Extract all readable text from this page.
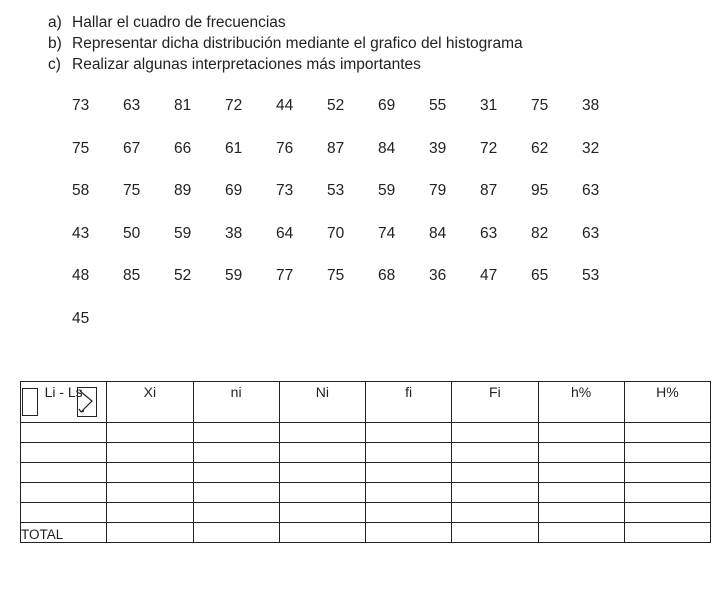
a) Hallar el cuadro de frecuencias
b) Representar dicha distribución mediante el grafico del histograma
c) Realizar algunas interpretaciones más importantes
73	63	81	72	44	52	69	55	31	75	38
75	67	66	61	76	87	84	39	72	62	32
58	75	89	69	73	53	59	79	87	95	63
43	50	59	38	64	70	74	84	63	82	63
48	85	52	59	77	75	68	36	47	65	53
45
Li - Ls	Xi	ni	Ni	fi	Fi	h%	H%

TOTAL							
